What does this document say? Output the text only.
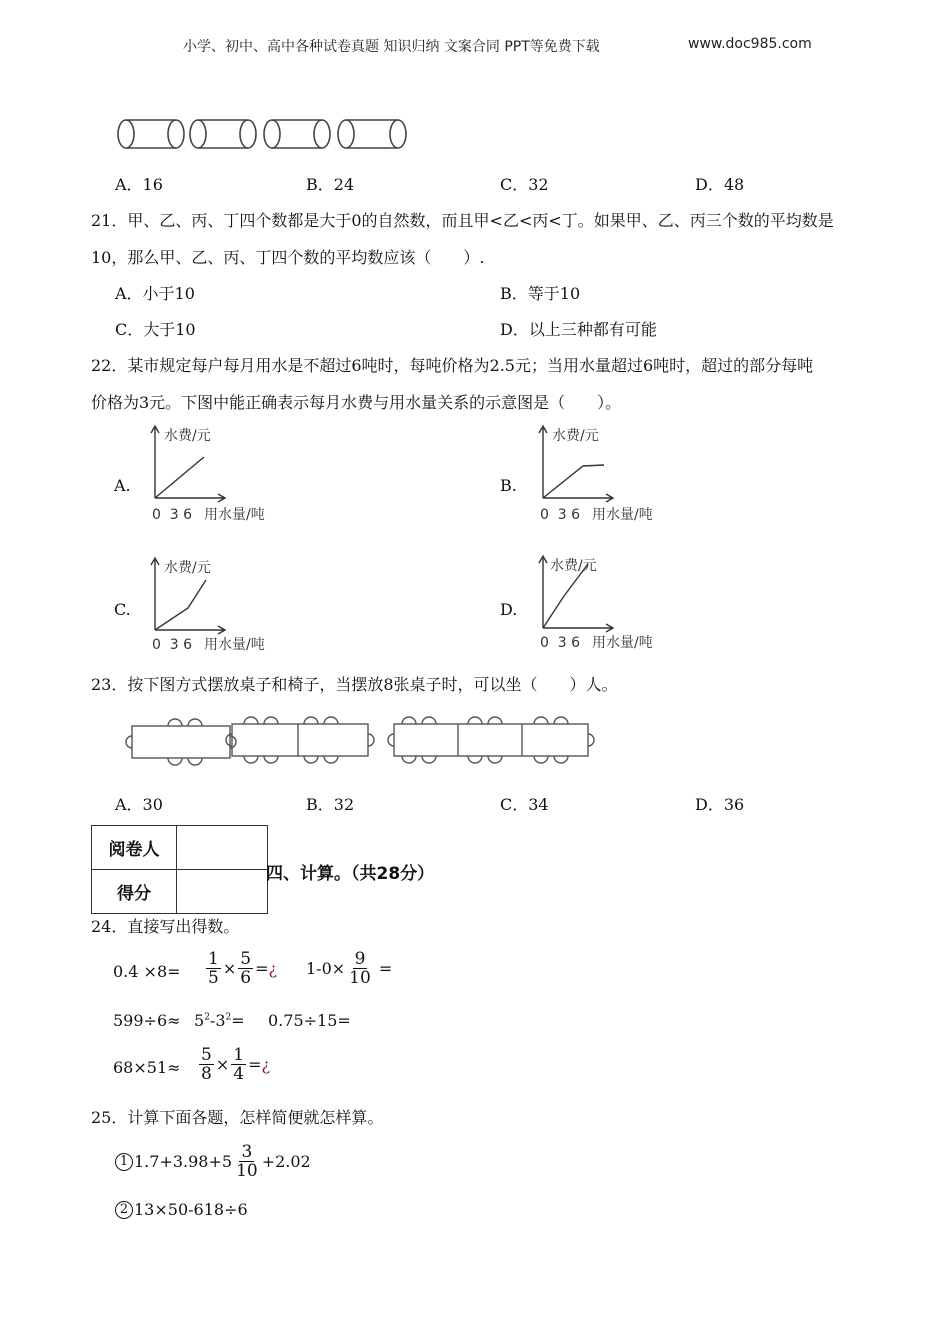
小学、初中、高中各种试卷真题 知识归纳 文案合同 PPT等免费下载	www.doc985.com
A．16	B．24	C．32	D．48
21．甲、乙、丙、丁四个数都是大于0的自然数，而且甲<乙<丙<丁。如果甲、乙、丙三个数的平均数是
10，那么甲、乙、丙、丁四个数的平均数应该（　　）.
A．小于10	B．等于10
C．大于10	D．以上三种都有可能
22．某市规定每户每月用水是不超过6吨时，每吨价格为2.5元；当用水量超过6吨时，超过的部分每吨
价格为3元。下图中能正确表示每月水费与用水量关系的示意图是（　　）。
A.
水费/元
0  3 6 用水量/吨
B.
水费/元
0  3 6 用水量/吨
C.
水费/元
0  3 6 用水量/吨
D.
水费/元
0  3 6 用水量/吨
23．按下图方式摆放桌子和椅子，当摆放8张桌子时，可以坐（　　）人。
A．30	B．32	C．34	D．36
阅卷人	
得分	
四、计算。（共28分）
24．直接写出得数。
$0.4 \times 8= \frac{1}{5} \times \frac{5}{6}$ = ¿ $1-0\times \frac{9}{10}$ =
$599\div 6\approx 5^2-3^2= 0.75\div 15=$
$68\times 51\approx \frac{5}{8} \times \frac{1}{4}$ = ¿
25．计算下面各题，怎样简便就怎样算。
1 $1.7+3.98+5 \frac{3}{10} +2.02$
2 13×50-618÷6
